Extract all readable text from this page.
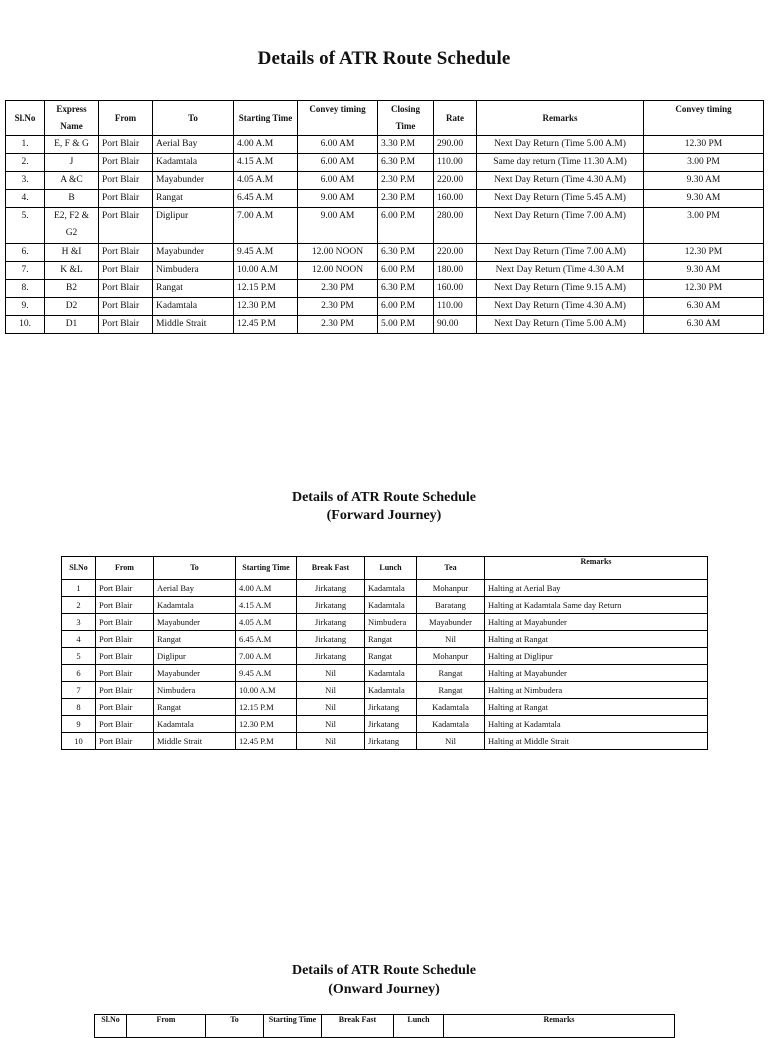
Details of ATR Route Schedule
Sl.No	Express Name	From	To	Starting Time	Convey timing	Closing Time	Rate	Remarks	Convey timing
1.	E, F & G	Port Blair	Aerial Bay	4.00 A.M	6.00 AM	3.30 P.M	290.00	Next Day Return (Time 5.00 A.M)	12.30 PM
2.	J	Port Blair	Kadamtala	4.15 A.M	6.00 AM	6.30 P.M	110.00	Same day return (Time 11.30 A.M)	3.00 PM
3.	A &C	Port Blair	Mayabunder	4.05 A.M	6.00 AM	2.30 P.M	220.00	Next Day Return (Time 4.30 A.M)	9.30 AM
4.	B	Port Blair	Rangat	6.45 A.M	9.00 AM	2.30 P.M	160.00	Next Day Return (Time 5.45 A.M)	9.30 AM
5.	E2, F2 & G2	Port Blair	Diglipur	7.00 A.M	9.00 AM	6.00 P.M	280.00	Next Day Return (Time 7.00 A.M)	3.00 PM
6.	H &I	Port Blair	Mayabunder	9.45 A.M	12.00 NOON	6.30 P.M	220.00	Next Day Return (Time 7.00 A.M)	12.30 PM
7.	K &L	Port Blair	Nimbudera	10.00 A.M	12.00 NOON	6.00 P.M	180.00	Next Day Return (Time 4.30 A.M	9.30 AM
8.	B2	Port Blair	Rangat	12.15 P.M	2.30 PM	6.30 P.M	160.00	Next Day Return (Time 9.15 A.M)	12.30 PM
9.	D2	Port Blair	Kadamtala	12.30 P.M	2.30 PM	6.00 P.M	110.00	Next Day Return (Time 4.30 A.M)	6.30 AM
10.	D1	Port Blair	Middle Strait	12.45 P.M	2.30 PM	5.00 P.M	90.00	Next Day Return (Time 5.00 A.M)	6.30 AM
Details of ATR Route Schedule
(Forward Journey)
Sl.No	From	To	Starting Time	Break Fast	Lunch	Tea	Remarks
1	Port Blair	Aerial Bay	4.00 A.M	Jirkatang	Kadamtala	Mohanpur	Halting at Aerial Bay
2	Port Blair	Kadamtala	4.15 A.M	Jirkatang	Kadamtala	Baratang	Halting at Kadamtala Same day Return
3	Port Blair	Mayabunder	4.05 A.M	Jirkatang	Nimbudera	Mayabunder	Halting at Mayabunder
4	Port Blair	Rangat	6.45 A.M	Jirkatang	Rangat	Nil	Halting at Rangat
5	Port Blair	Diglipur	7.00 A.M	Jirkatang	Rangat	Mohanpur	Halting at Diglipur
6	Port Blair	Mayabunder	9.45 A.M	Nil	Kadamtala	Rangat	Halting at Mayabunder
7	Port Blair	Nimbudera	10.00 A.M	Nil	Kadamtala	Rangat	Halting at Nimbudera
8	Port Blair	Rangat	12.15 P.M	Nil	Jirkatang	Kadamtala	Halting at Rangat
9	Port Blair	Kadamtala	12.30 P.M	Nil	Jirkatang	Kadamtala	Halting at Kadamtala
10	Port Blair	Middle Strait	12.45 P.M	Nil	Jirkatang	Nil	Halting at Middle Strait
Details of ATR Route Schedule
(Onward Journey)
Sl.No	From	To	Starting Time	Break Fast	Lunch	Remarks
